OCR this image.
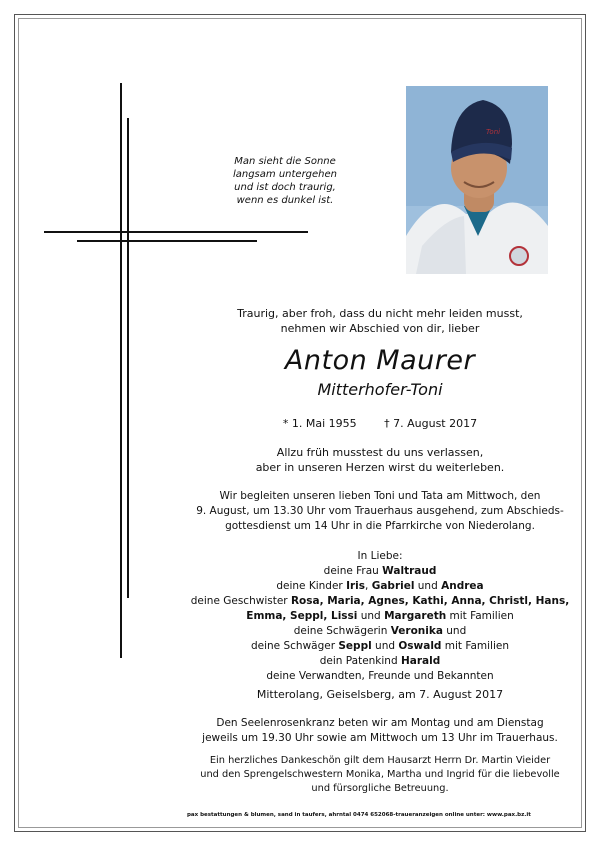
Man sieht die Sonne
langsam untergehen
und ist doch traurig,
wenn es dunkel ist.
Toni
Traurig, aber froh, dass du nicht mehr leiden musst,
nehmen wir Abschied von dir, lieber
Anton Maurer
Mitterhofer-Toni
* 1. Mai 1955	† 7. August 2017
Allzu früh musstest du uns verlassen,
aber in unseren Herzen wirst du weiterleben.
Wir begleiten unseren lieben Toni und Tata am Mittwoch, den
9. August, um 13.30 Uhr vom Trauerhaus ausgehend, zum Abschieds-
gottesdienst um 14 Uhr in die Pfarrkirche von Niederolang.
In Liebe:
deine Frau Waltraud
deine Kinder Iris, Gabriel und Andrea
deine Geschwister Rosa, Maria, Agnes, Kathi, Anna, Christl, Hans,
Emma, Seppl, Lissi und Margareth mit Familien
deine Schwägerin Veronika und
deine Schwäger Seppl und Oswald mit Familien
dein Patenkind Harald
deine Verwandten, Freunde und Bekannten
Mitterolang, Geiselsberg, am 7. August 2017
Den Seelenrosenkranz beten wir am Montag und am Dienstag
jeweils um 19.30 Uhr sowie am Mittwoch um 13 Uhr im Trauerhaus.
Ein herzliches Dankeschön gilt dem Hausarzt Herrn Dr. Martin Vieider
und den Sprengelschwestern Monika, Martha und Ingrid für die liebevolle
und fürsorgliche Betreuung.
pax bestattungen & blumen, sand in taufers, ahrntal 0474 652068-traueranzeigen online unter: www.pax.bz.it
